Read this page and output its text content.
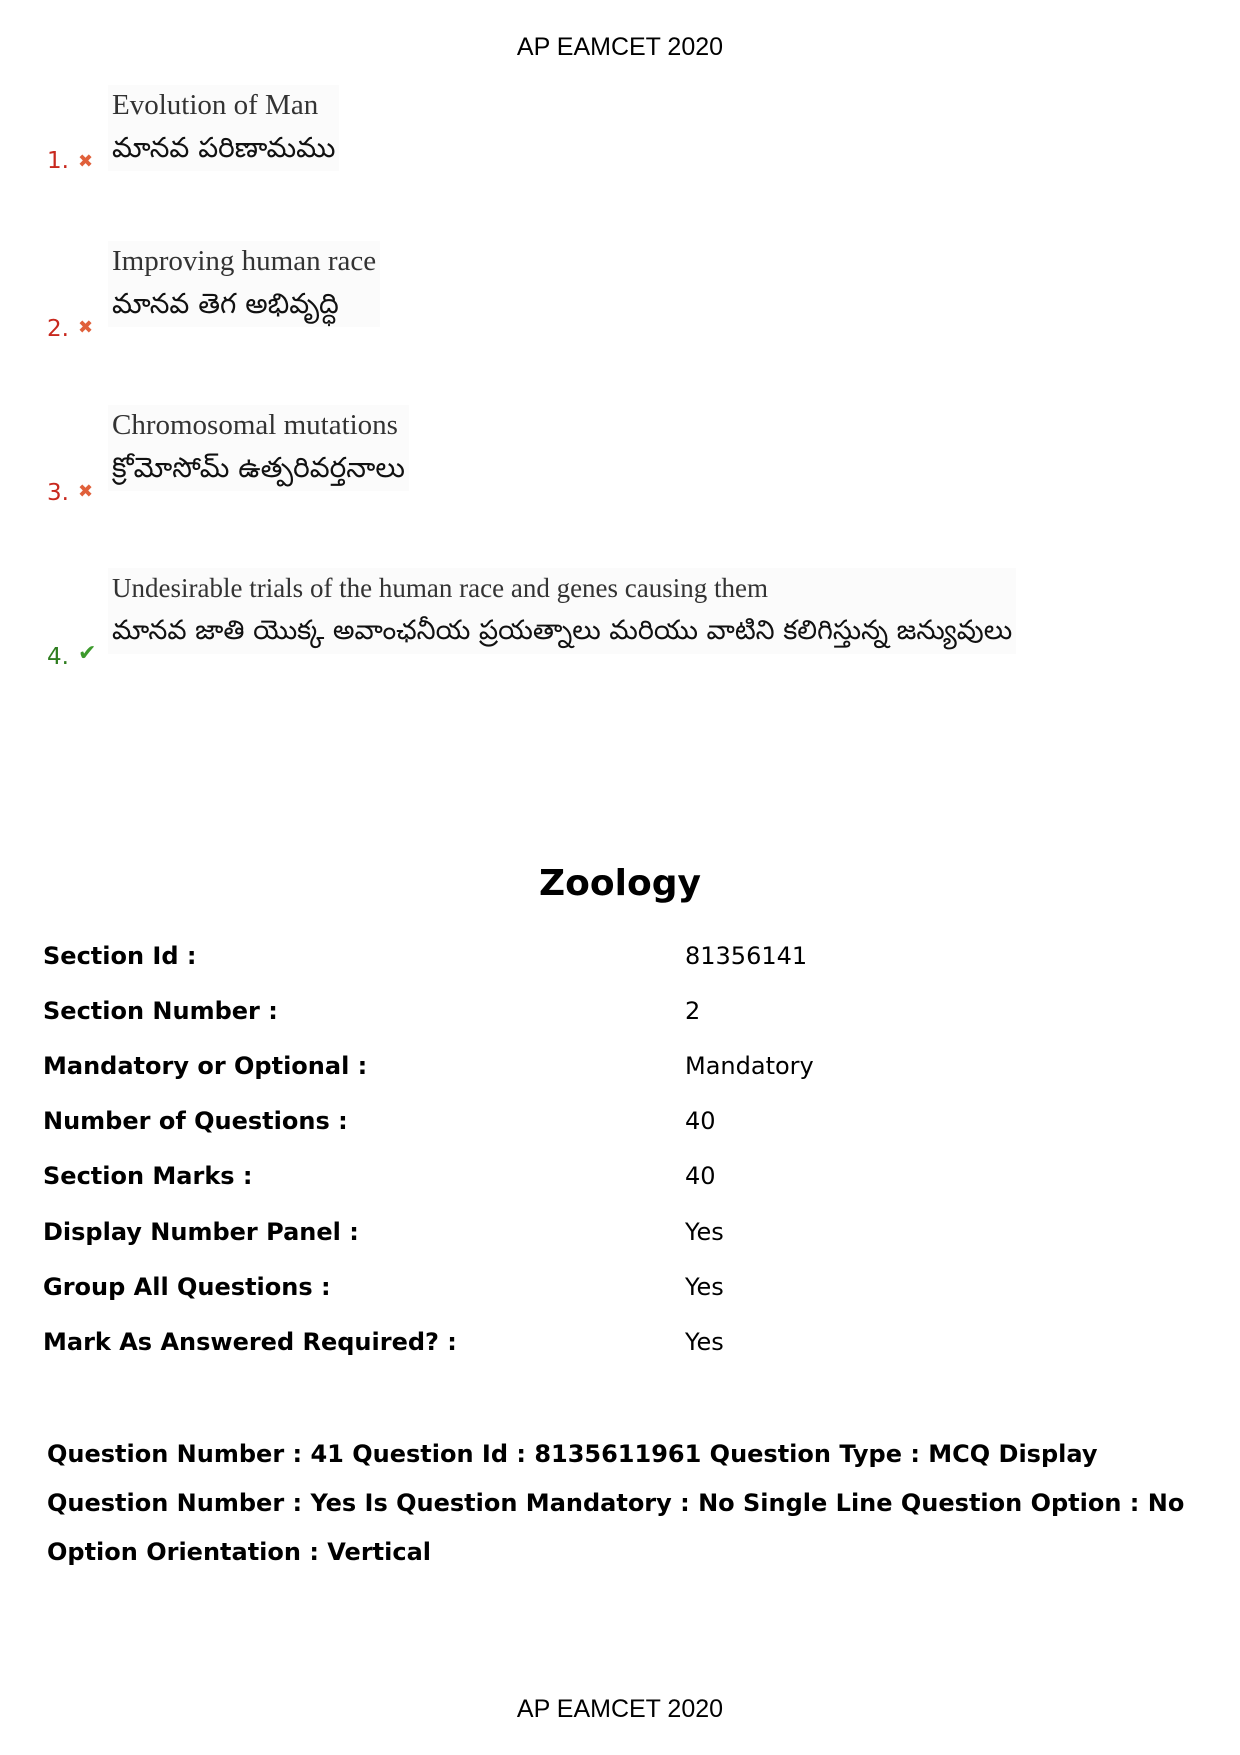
AP EAMCET 2020
Evolution of Man
మానవ పరిణామము
1. ✖
Improving human race
మానవ తెగ అభివృద్ధి
2. ✖
Chromosomal mutations
క్రోమోసోమ్ ఉత్పరివర్తనాలు
3. ✖
Undesirable trials of the human race and genes causing them
మానవ జాతి యొక్క అవాంఛనీయ ప్రయత్నాలు మరియు వాటిని కలిగిస్తున్న జన్యువులు
4. ✔
Zoology
Section Id :	81356141
Section Number :	2
Mandatory or Optional :	Mandatory
Number of Questions :	40
Section Marks :	40
Display Number Panel :	Yes
Group All Questions :	Yes
Mark As Answered Required? :	Yes
Question Number : 41 Question Id : 8135611961 Question Type : MCQ Display Question Number : Yes Is Question Mandatory : No Single Line Question Option : No Option Orientation : Vertical
AP EAMCET 2020
